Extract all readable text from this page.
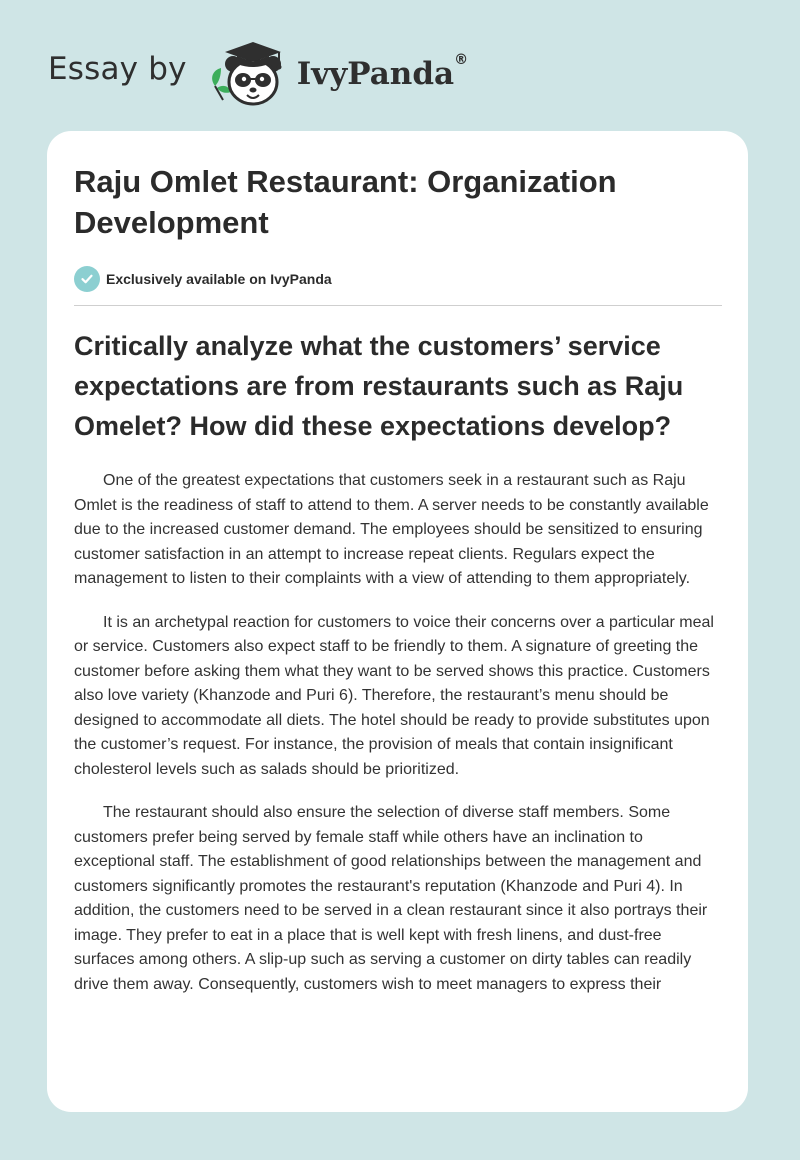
Essay by	IvyPanda®
Raju Omlet Restaurant: Organization Development
Exclusively available on IvyPanda
Critically analyze what the customers’ service expectations are from restaurants such as Raju Omelet? How did these expectations develop?

One of the greatest expectations that customers seek in a restaurant such as Raju Omlet is the readiness of staff to attend to them. A server needs to be constantly available due to the increased customer demand. The employees should be sensitized to ensuring customer satisfaction in an attempt to increase repeat clients. Regulars expect the management to listen to their complaints with a view of attending to them appropriately.

It is an archetypal reaction for customers to voice their concerns over a particular meal or service. Customers also expect staff to be friendly to them. A signature of greeting the customer before asking them what they want to be served shows this practice. Customers also love variety (Khanzode and Puri 6). Therefore, the restaurant’s menu should be designed to accommodate all diets. The hotel should be ready to provide substitutes upon the customer’s request. For instance, the provision of meals that contain insignificant cholesterol levels such as salads should be prioritized.

The restaurant should also ensure the selection of diverse staff members. Some customers prefer being served by female staff while others have an inclination to exceptional staff. The establishment of good relationships between the management and customers significantly promotes the restaurant's reputation (Khanzode and Puri 4). In addition, the customers need to be served in a clean restaurant since it also portrays their image. They prefer to eat in a place that is well kept with fresh linens, and dust-free surfaces among others. A slip-up such as serving a customer on dirty tables can readily drive them away. Consequently, customers wish to meet managers to express their
